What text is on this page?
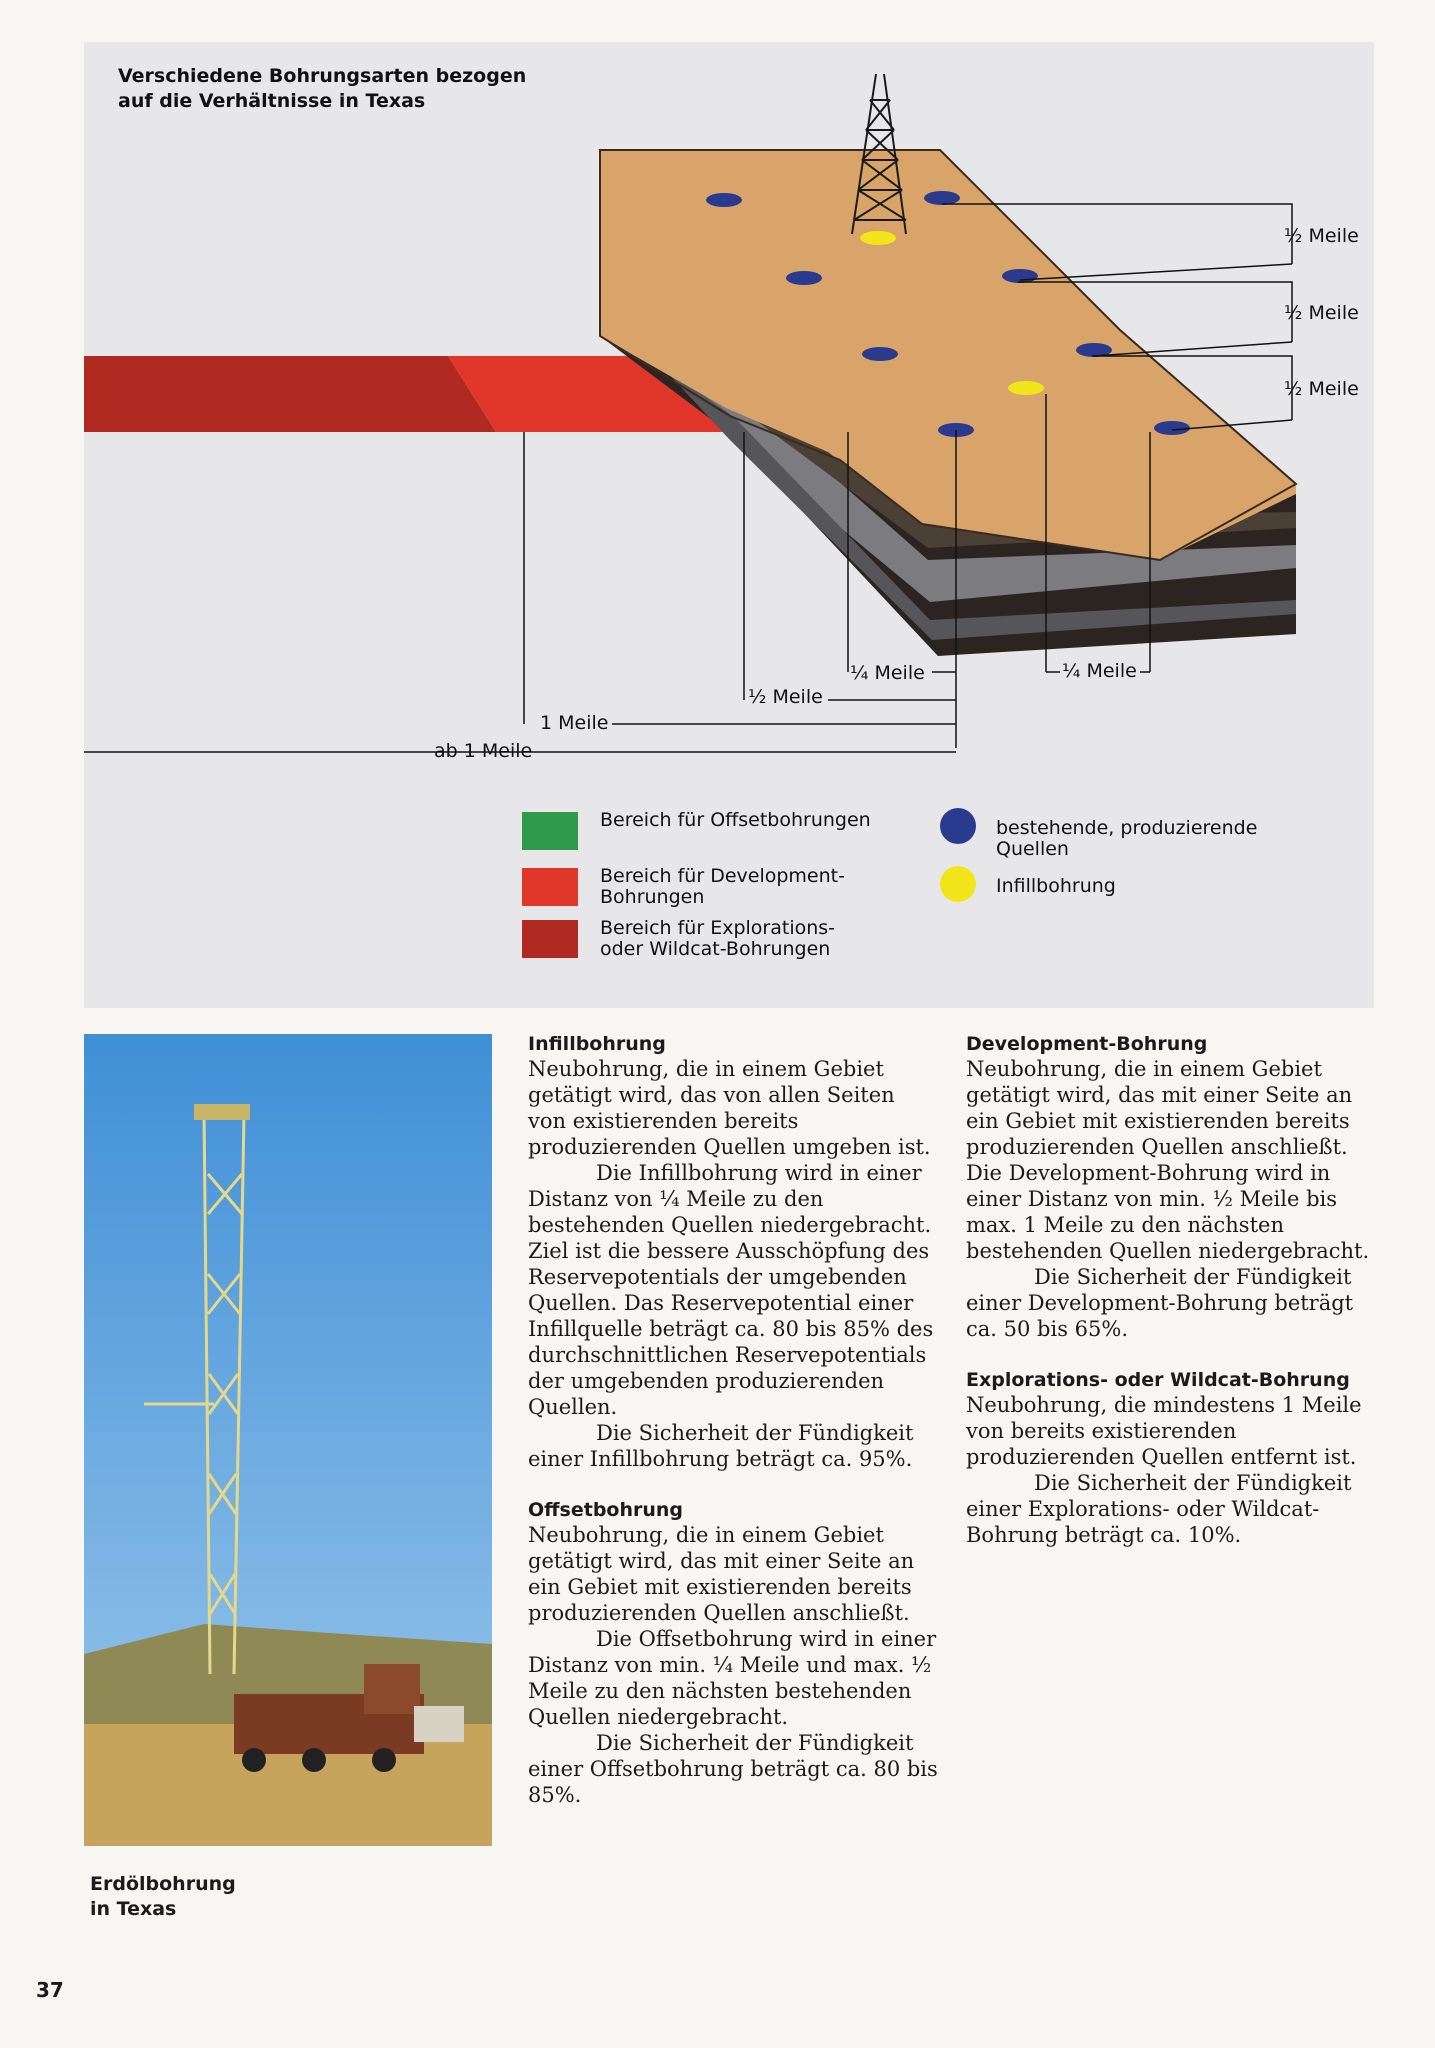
Verschiedene Bohrungsarten bezogen
auf die Verhältnisse in Texas
½ Meile
½ Meile
½ Meile
¼ Meile
½ Meile
1 Meile
ab 1 Meile
¼ Meile
Bereich für Offsetbohrungen
Bereich für Development-Bohrungen
Bereich für Explorations- oder Wildcat-Bohrungen
bestehende, produzierende Quellen
Infillbohrung
Erdölbohrung
in Texas
Infillbohrung

Neubohrung, die in einem Gebiet getätigt wird, das von allen Seiten von existierenden bereits produzierenden Quellen umgeben ist.

Die Infillbohrung wird in einer Distanz von ¼ Meile zu den bestehenden Quellen niedergebracht. Ziel ist die bessere Ausschöpfung des Reservepotentials der umgebenden Quellen. Das Reservepotential einer Infillquelle beträgt ca. 80 bis 85% des durchschnittlichen Reservepotentials der umgebenden produzierenden Quellen.

Die Sicherheit der Fündigkeit einer Infillbohrung beträgt ca. 95%.

Offsetbohrung

Neubohrung, die in einem Gebiet getätigt wird, das mit einer Seite an ein Gebiet mit existierenden bereits produzierenden Quellen anschließt.

Die Offsetbohrung wird in einer Distanz von min. ¼ Meile und max. ½ Meile zu den nächsten bestehenden Quellen niedergebracht.

Die Sicherheit der Fündigkeit einer Offsetbohrung beträgt ca. 80 bis 85%.

Development-Bohrung

Neubohrung, die in einem Gebiet getätigt wird, das mit einer Seite an ein Gebiet mit existierenden bereits produzierenden Quellen anschließt. Die Development-Bohrung wird in einer Distanz von min. ½ Meile bis max. 1 Meile zu den nächsten bestehenden Quellen niedergebracht.

Die Sicherheit der Fündigkeit einer Development-Bohrung beträgt ca. 50 bis 65%.

Explorations- oder Wildcat-Bohrung

Neubohrung, die mindestens 1 Meile von bereits existierenden produzierenden Quellen entfernt ist.

Die Sicherheit der Fündigkeit einer Explorations- oder Wildcat-Bohrung beträgt ca. 10%.

37
